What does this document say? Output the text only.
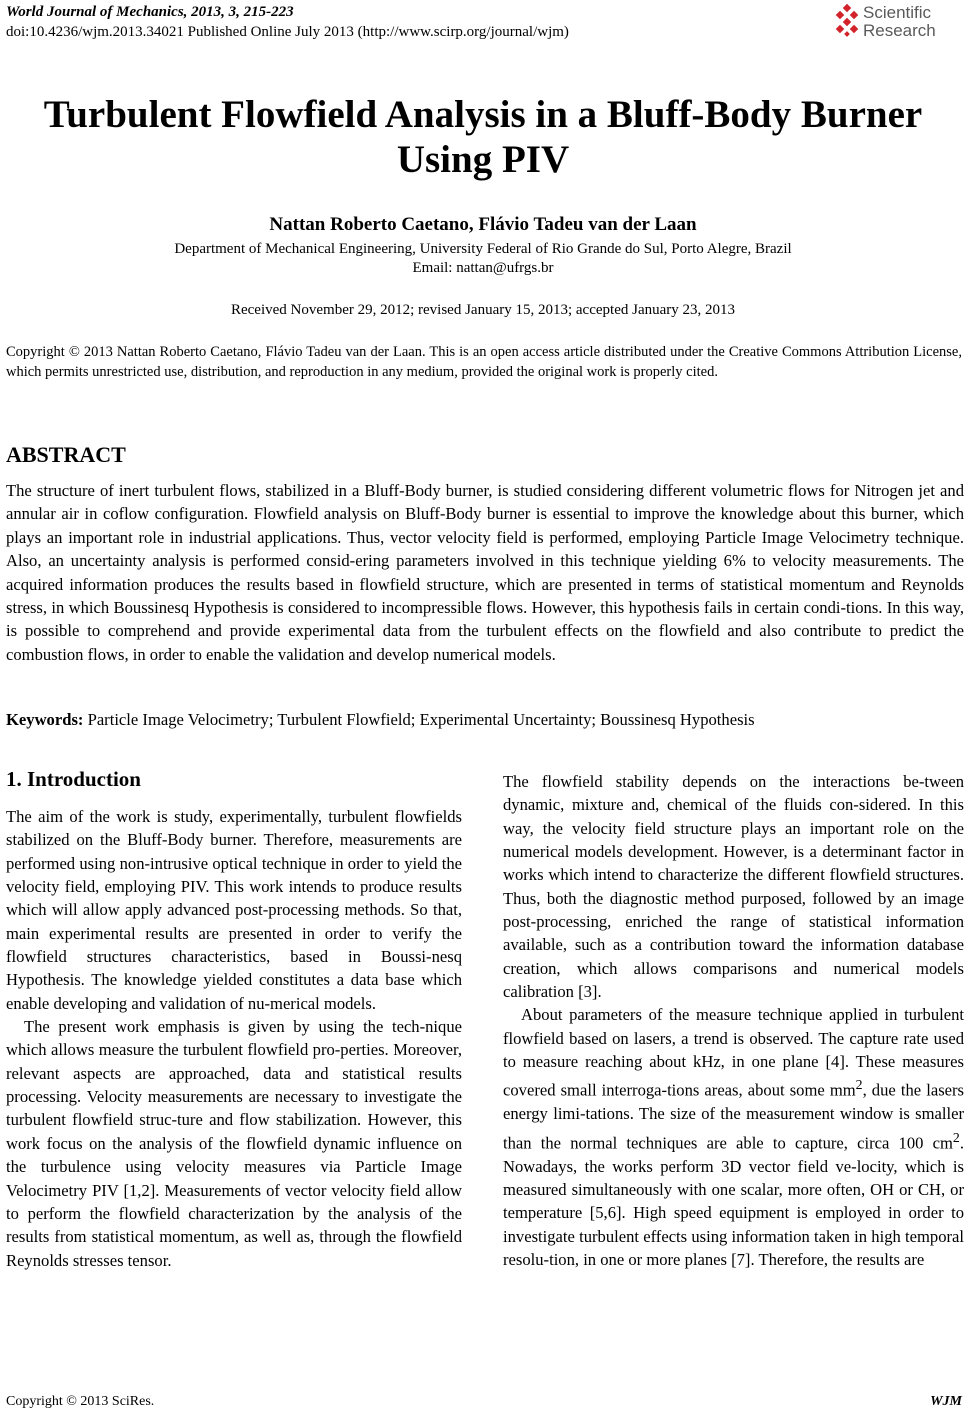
World Journal of Mechanics, 2013, 3, 215-223
doi:10.4236/wjm.2013.34021 Published Online July 2013 (http://www.scirp.org/journal/wjm)
Scientific
Research
Turbulent Flowfield Analysis in a Bluff-Body Burner
Using PIV
Nattan Roberto Caetano, Flávio Tadeu van der Laan
Department of Mechanical Engineering, University Federal of Rio Grande do Sul, Porto Alegre, Brazil
Email: nattan@ufrgs.br
Received November 29, 2012; revised January 15, 2013; accepted January 23, 2013
Copyright © 2013 Nattan Roberto Caetano, Flávio Tadeu van der Laan. This is an open access article distributed under the Creative Commons Attribution License, which permits unrestricted use, distribution, and reproduction in any medium, provided the original work is properly cited.
ABSTRACT
The structure of inert turbulent flows, stabilized in a Bluff-Body burner, is studied considering different volumetric flows for Nitrogen jet and annular air in coflow configuration. Flowfield analysis on Bluff-Body burner is essential to improve the knowledge about this burner, which plays an important role in industrial applications. Thus, vector velocity field is performed, employing Particle Image Velocimetry technique. Also, an uncertainty analysis is performed consid-ering parameters involved in this technique yielding 6% to velocity measurements. The acquired information produces the results based in flowfield structure, which are presented in terms of statistical momentum and Reynolds stress, in which Boussinesq Hypothesis is considered to incompressible flows. However, this hypothesis fails in certain condi-tions. In this way, is possible to comprehend and provide experimental data from the turbulent effects on the flowfield and also contribute to predict the combustion flows, in order to enable the validation and develop numerical models.
Keywords: Particle Image Velocimetry; Turbulent Flowfield; Experimental Uncertainty; Boussinesq Hypothesis
1. Introduction

The aim of the work is study, experimentally, turbulent flowfields stabilized on the Bluff-Body burner. Therefore, measurements are performed using non-intrusive optical technique in order to yield the velocity field, employing PIV. This work intends to produce results which will allow apply advanced post-processing methods. So that, main experimental results are presented in order to verify the flowfield structures characteristics, based in Boussi-nesq Hypothesis. The knowledge yielded constitutes a data base which enable developing and validation of nu-merical models.

The present work emphasis is given by using the tech-nique which allows measure the turbulent flowfield pro-perties. Moreover, relevant aspects are approached, data and statistical results processing. Velocity measurements are necessary to investigate the turbulent flowfield struc-ture and flow stabilization. However, this work focus on the analysis of the flowfield dynamic influence on the turbulence using velocity measures via Particle Image Velocimetry PIV [1,2]. Measurements of vector velocity field allow to perform the flowfield characterization by the analysis of the results from statistical momentum, as well as, through the flowfield Reynolds stresses tensor.

The flowfield stability depends on the interactions be-tween dynamic, mixture and, chemical of the fluids con-sidered. In this way, the velocity field structure plays an important role on the numerical models development. However, is a determinant factor in works which intend to characterize the different flowfield structures. Thus, both the diagnostic method purposed, followed by an image post-processing, enriched the range of statistical information available, such as a contribution toward the information database creation, which allows comparisons and numerical models calibration [3].

About parameters of the measure technique applied in turbulent flowfield based on lasers, a trend is observed. The capture rate used to measure reaching about kHz, in one plane [4]. These measures covered small interroga-tions areas, about some $mm^2$, due the lasers energy limi-tations. The size of the measurement window is smaller than the normal techniques are able to capture, circa 100 $cm^2$. Nowadays, the works perform 3D vector field ve-locity, which is measured simultaneously with one scalar, more often, OH or CH, or temperature [5,6]. High speed equipment is employed in order to investigate turbulent effects using information taken in high temporal resolu-tion, in one or more planes [7]. Therefore, the results are

Copyright © 2013 SciRes.	WJM
